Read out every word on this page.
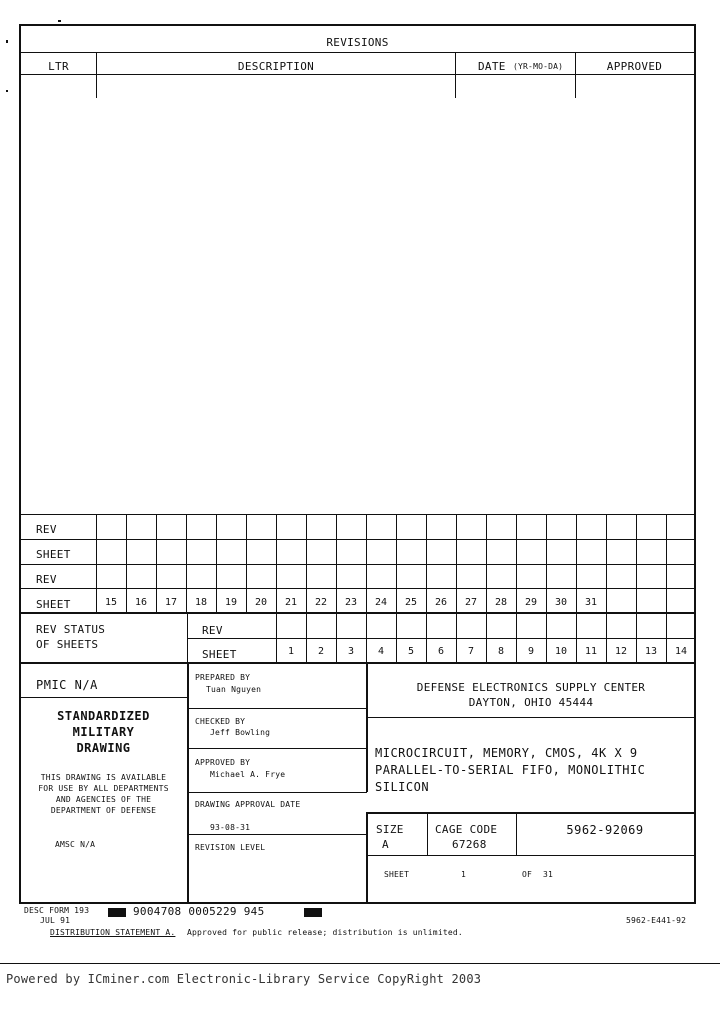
REVISIONS
LTR	DESCRIPTION	DATE (YR-MO-DA)	APPROVED
REV
SHEET
REV
SHEET	15	16	17	18	19	20	21	22	23	24	25	26	27	28	29	30	31
REV STATUS
OF SHEETS
REV
SHEET	1	2	3	4	5	6	7	8	9	10	11	12	13	14
PMIC N/A
STANDARDIZED
MILITARY
DRAWING
THIS DRAWING IS AVAILABLE
FOR USE BY ALL DEPARTMENTS
AND AGENCIES OF THE
DEPARTMENT OF DEFENSE
AMSC N/A
PREPARED BY
Tuan Nguyen
CHECKED BY
Jeff Bowling
APPROVED BY
Michael A. Frye
DRAWING APPROVAL DATE
93-08-31
REVISION LEVEL
DEFENSE ELECTRONICS SUPPLY CENTER
DAYTON, OHIO 45444
MICROCIRCUIT, MEMORY, CMOS, 4K X 9
PARALLEL-TO-SERIAL FIFO, MONOLITHIC
SILICON
SIZE
A
CAGE CODE
67268
5962-92069
SHEET	1	OF 31
DESC FORM 193
JUL 91
9004708 0005229 945
DISTRIBUTION STATEMENT A. Approved for public release; distribution is unlimited.
5962-E441-92
Powered by ICminer.com Electronic-Library Service CopyRight 2003
